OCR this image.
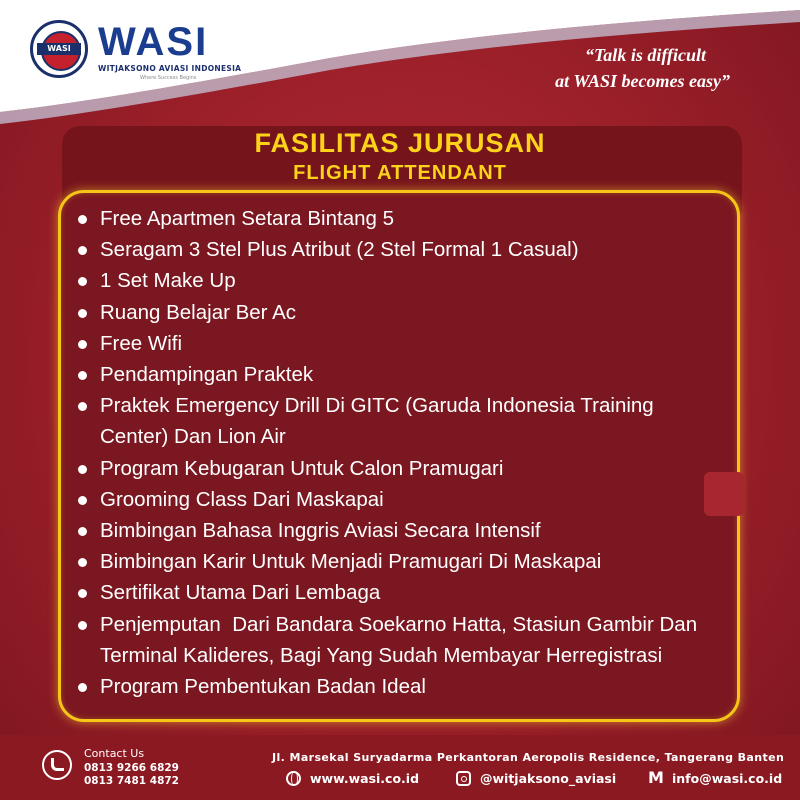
WASI WASI
WITJAKSONO AVIASI INDONESIA
Where Success Begins
“Talk is difficult
at WASI becomes easy”
FASILITAS JURUSAN
FLIGHT ATTENDANT
Free Apartmen Setara Bintang 5
Seragam 3 Stel Plus Atribut (2 Stel Formal 1 Casual)
1 Set Make Up
Ruang Belajar Ber Ac
Free Wifi
Pendampingan Praktek
Praktek Emergency Drill Di GITC (Garuda Indonesia Training
Center) Dan Lion Air
Program Kebugaran Untuk Calon Pramugari
Grooming Class Dari Maskapai
Bimbingan Bahasa Inggris Aviasi Secara Intensif
Bimbingan Karir Untuk Menjadi Pramugari Di Maskapai
Sertifikat Utama Dari Lembaga
Penjemputan  Dari Bandara Soekarno Hatta, Stasiun Gambir Dan
Terminal Kalideres, Bagi Yang Sudah Membayar Herregistrasi
Program Pembentukan Badan Ideal
Contact Us
0813 9266 6829
0813 7481 4872
Jl. Marsekal Suryadarma Perkantoran Aeropolis Residence, Tangerang Banten
www.wasi.co.id	@witjaksono_aviasi M info@wasi.co.id
